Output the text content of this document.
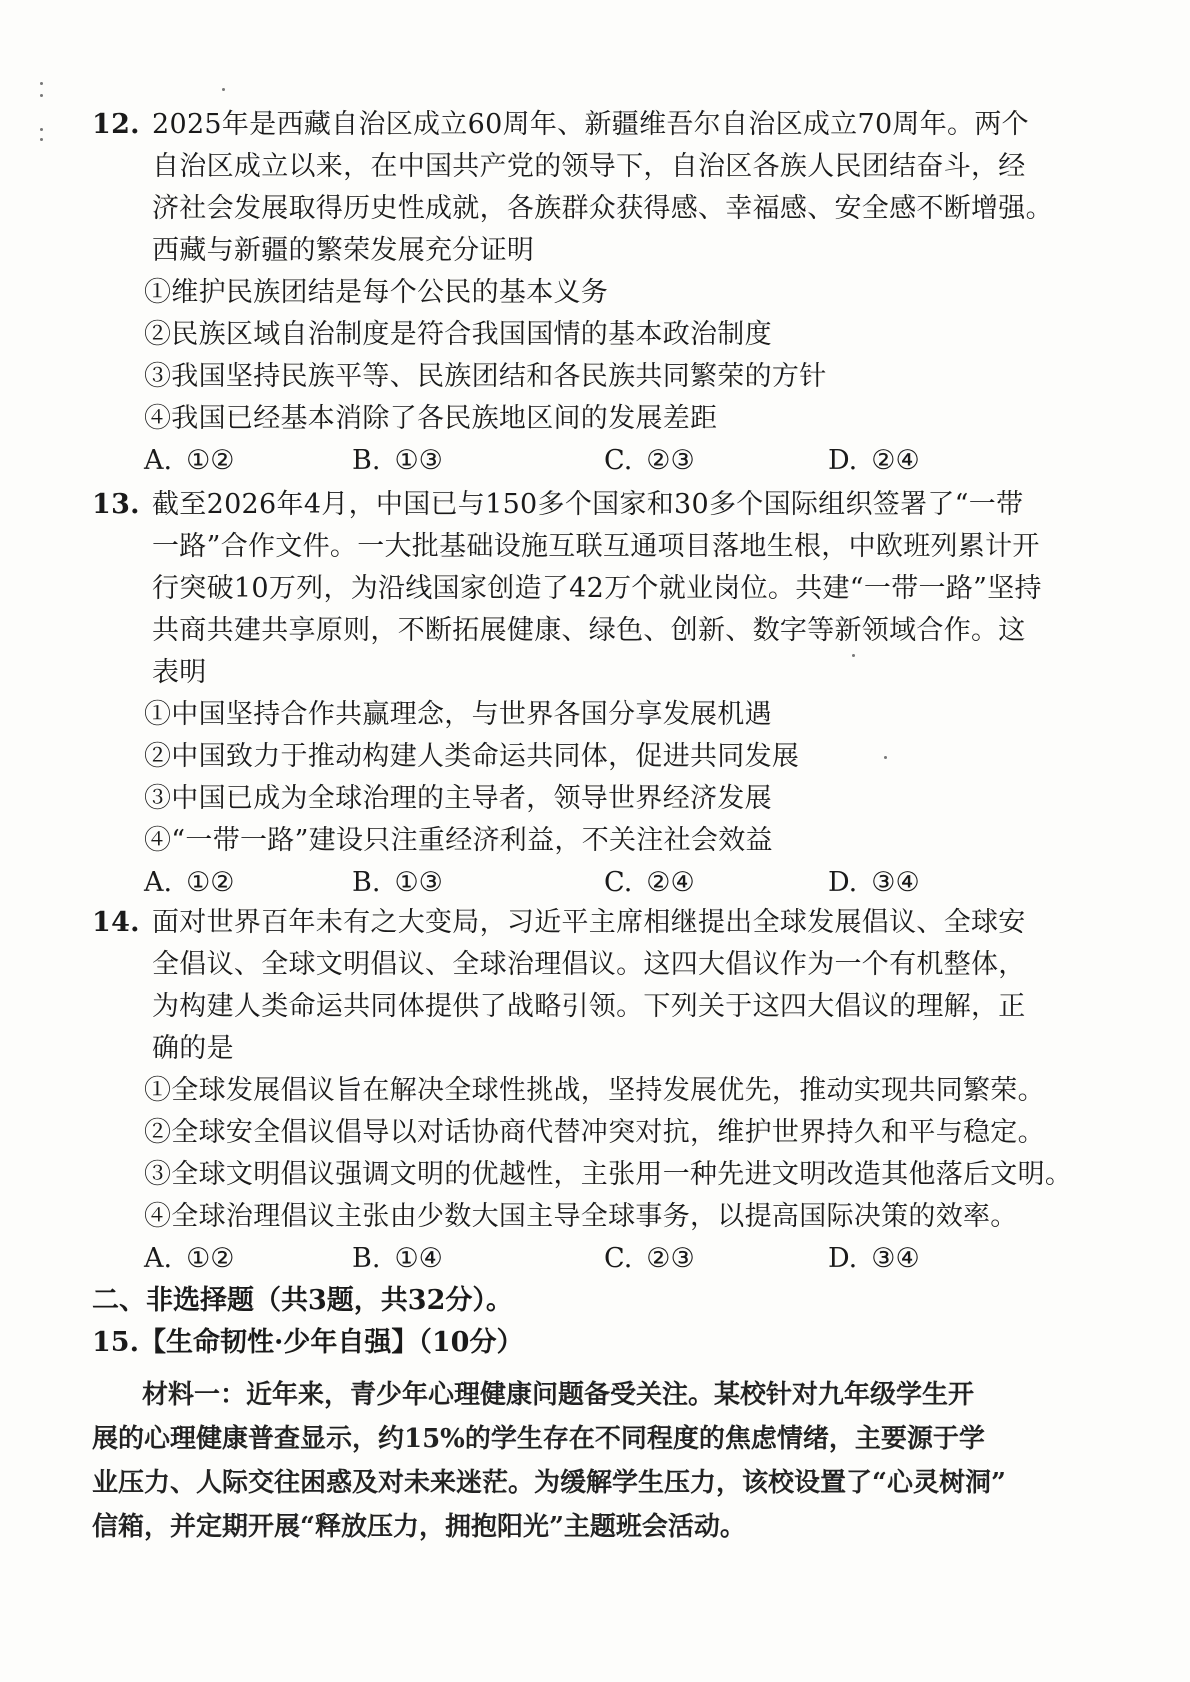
12. 2025年是西藏自治区成立60周年、新疆维吾尔自治区成立70周年。两个
自治区成立以来，在中国共产党的领导下，自治区各族人民团结奋斗，经
济社会发展取得历史性成就，各族群众获得感、幸福感、安全感不断增强。
西藏与新疆的繁荣发展充分证明
①维护民族团结是每个公民的基本义务
②民族区域自治制度是符合我国国情的基本政治制度
③我国坚持民族平等、民族团结和各民族共同繁荣的方针
④我国已经基本消除了各民族地区间的发展差距
A. ①②	B. ①③	C. ②③	D. ②④
13. 截至2026年4月，中国已与150多个国家和30多个国际组织签署了“一带
一路”合作文件。一大批基础设施互联互通项目落地生根，中欧班列累计开
行突破10万列，为沿线国家创造了42万个就业岗位。共建“一带一路”坚持
共商共建共享原则，不断拓展健康、绿色、创新、数字等新领域合作。这
表明
①中国坚持合作共赢理念，与世界各国分享发展机遇
②中国致力于推动构建人类命运共同体，促进共同发展
③中国已成为全球治理的主导者，领导世界经济发展
④“一带一路”建设只注重经济利益，不关注社会效益
A. ①②	B. ①③	C. ②④	D. ③④
14. 面对世界百年未有之大变局，习近平主席相继提出全球发展倡议、全球安
全倡议、全球文明倡议、全球治理倡议。这四大倡议作为一个有机整体，
为构建人类命运共同体提供了战略引领。下列关于这四大倡议的理解，正
确的是
①全球发展倡议旨在解决全球性挑战，坚持发展优先，推动实现共同繁荣。
②全球安全倡议倡导以对话协商代替冲突对抗，维护世界持久和平与稳定。
③全球文明倡议强调文明的优越性，主张用一种先进文明改造其他落后文明。
④全球治理倡议主张由少数大国主导全球事务，以提高国际决策的效率。
A. ①②	B. ①④	C. ②③	D. ③④
二、非选择题（共3题，共32分）。
15.【生命韧性·少年自强】（10分）
材料一：近年来，青少年心理健康问题备受关注。某校针对九年级学生开
展的心理健康普查显示，约15%的学生存在不同程度的焦虑情绪，主要源于学
业压力、人际交往困惑及对未来迷茫。为缓解学生压力，该校设置了“心灵树洞”
信箱，并定期开展“释放压力，拥抱阳光”主题班会活动。
